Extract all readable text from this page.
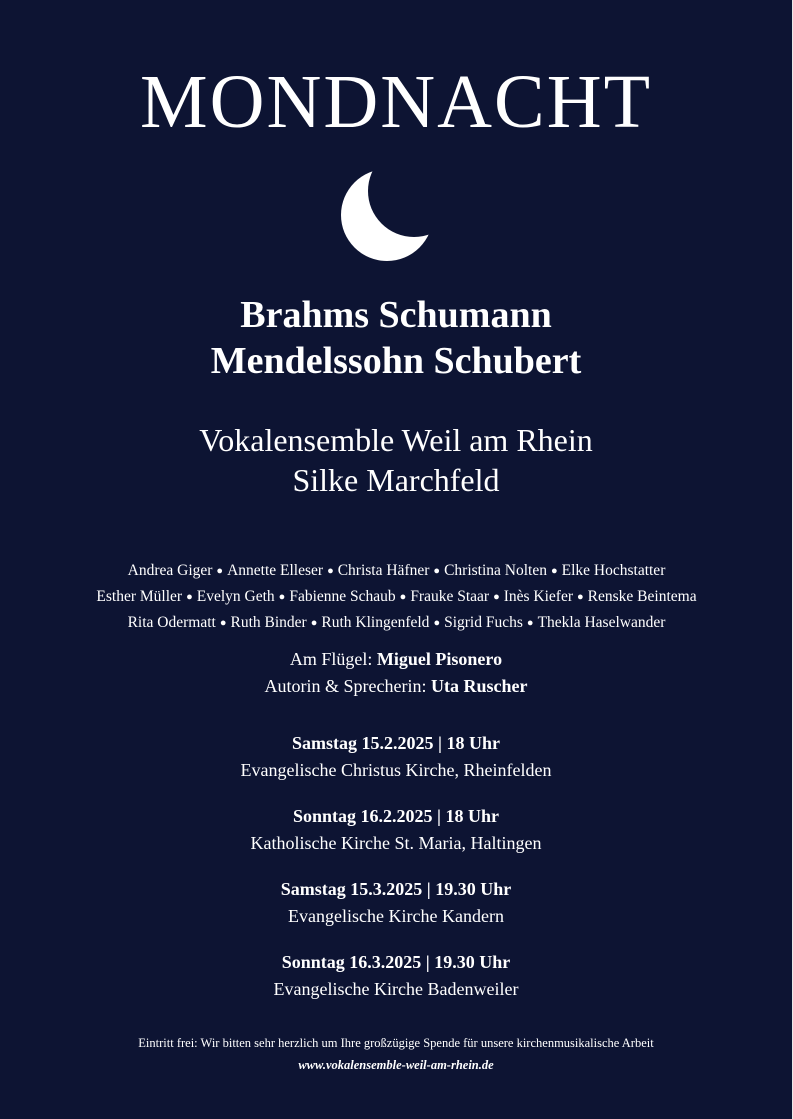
MONDNACHT
Brahms Schumann
Mendelssohn Schubert
Vokalensemble Weil am Rhein
Silke Marchfeld
Andrea Giger ● Annette Elleser ● Christa Häfner ● Christina Nolten ● Elke Hochstatter
Esther Müller ● Evelyn Geth ● Fabienne Schaub ● Frauke Staar ● Inès Kiefer ● Renske Beintema
Rita Odermatt ● Ruth Binder ● Ruth Klingenfeld ● Sigrid Fuchs ● Thekla Haselwander
Am Flügel: Miguel Pisonero
Autorin & Sprecherin: Uta Ruscher
Samstag 15.2.2025 | 18 Uhr
Evangelische Christus Kirche, Rheinfelden
Sonntag 16.2.2025 | 18 Uhr
Katholische Kirche St. Maria, Haltingen
Samstag 15.3.2025 | 19.30 Uhr
Evangelische Kirche Kandern
Sonntag 16.3.2025 | 19.30 Uhr
Evangelische Kirche Badenweiler
Eintritt frei: Wir bitten sehr herzlich um Ihre großzügige Spende für unsere kirchenmusikalische Arbeit
www.vokalensemble-weil-am-rhein.de
